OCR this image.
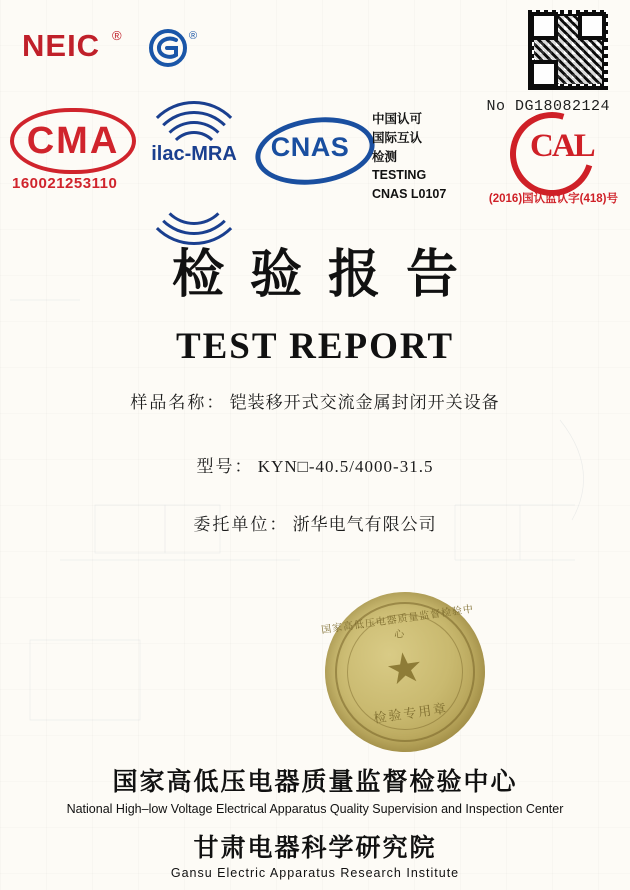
NEIC ®	®
No DG18082124
CMA
160021253110
ilac-MRA	CNAS
中国认可
国际互认
检测
TESTING
CNAS L0107
CAL
(2016)国认监认字(418)号
检验报告
TEST REPORT
样品名称： 铠装移开式交流金属封闭开关设备
型号： KYN□-40.5/4000-31.5
委托单位： 浙华电气有限公司
国家高低压电器质量监督检验中心
★
检验专用章
国家高低压电器质量监督检验中心
National High–low Voltage Electrical Apparatus Quality Supervision and Inspection Center
甘肃电器科学研究院
Gansu Electric Apparatus Research Institute
